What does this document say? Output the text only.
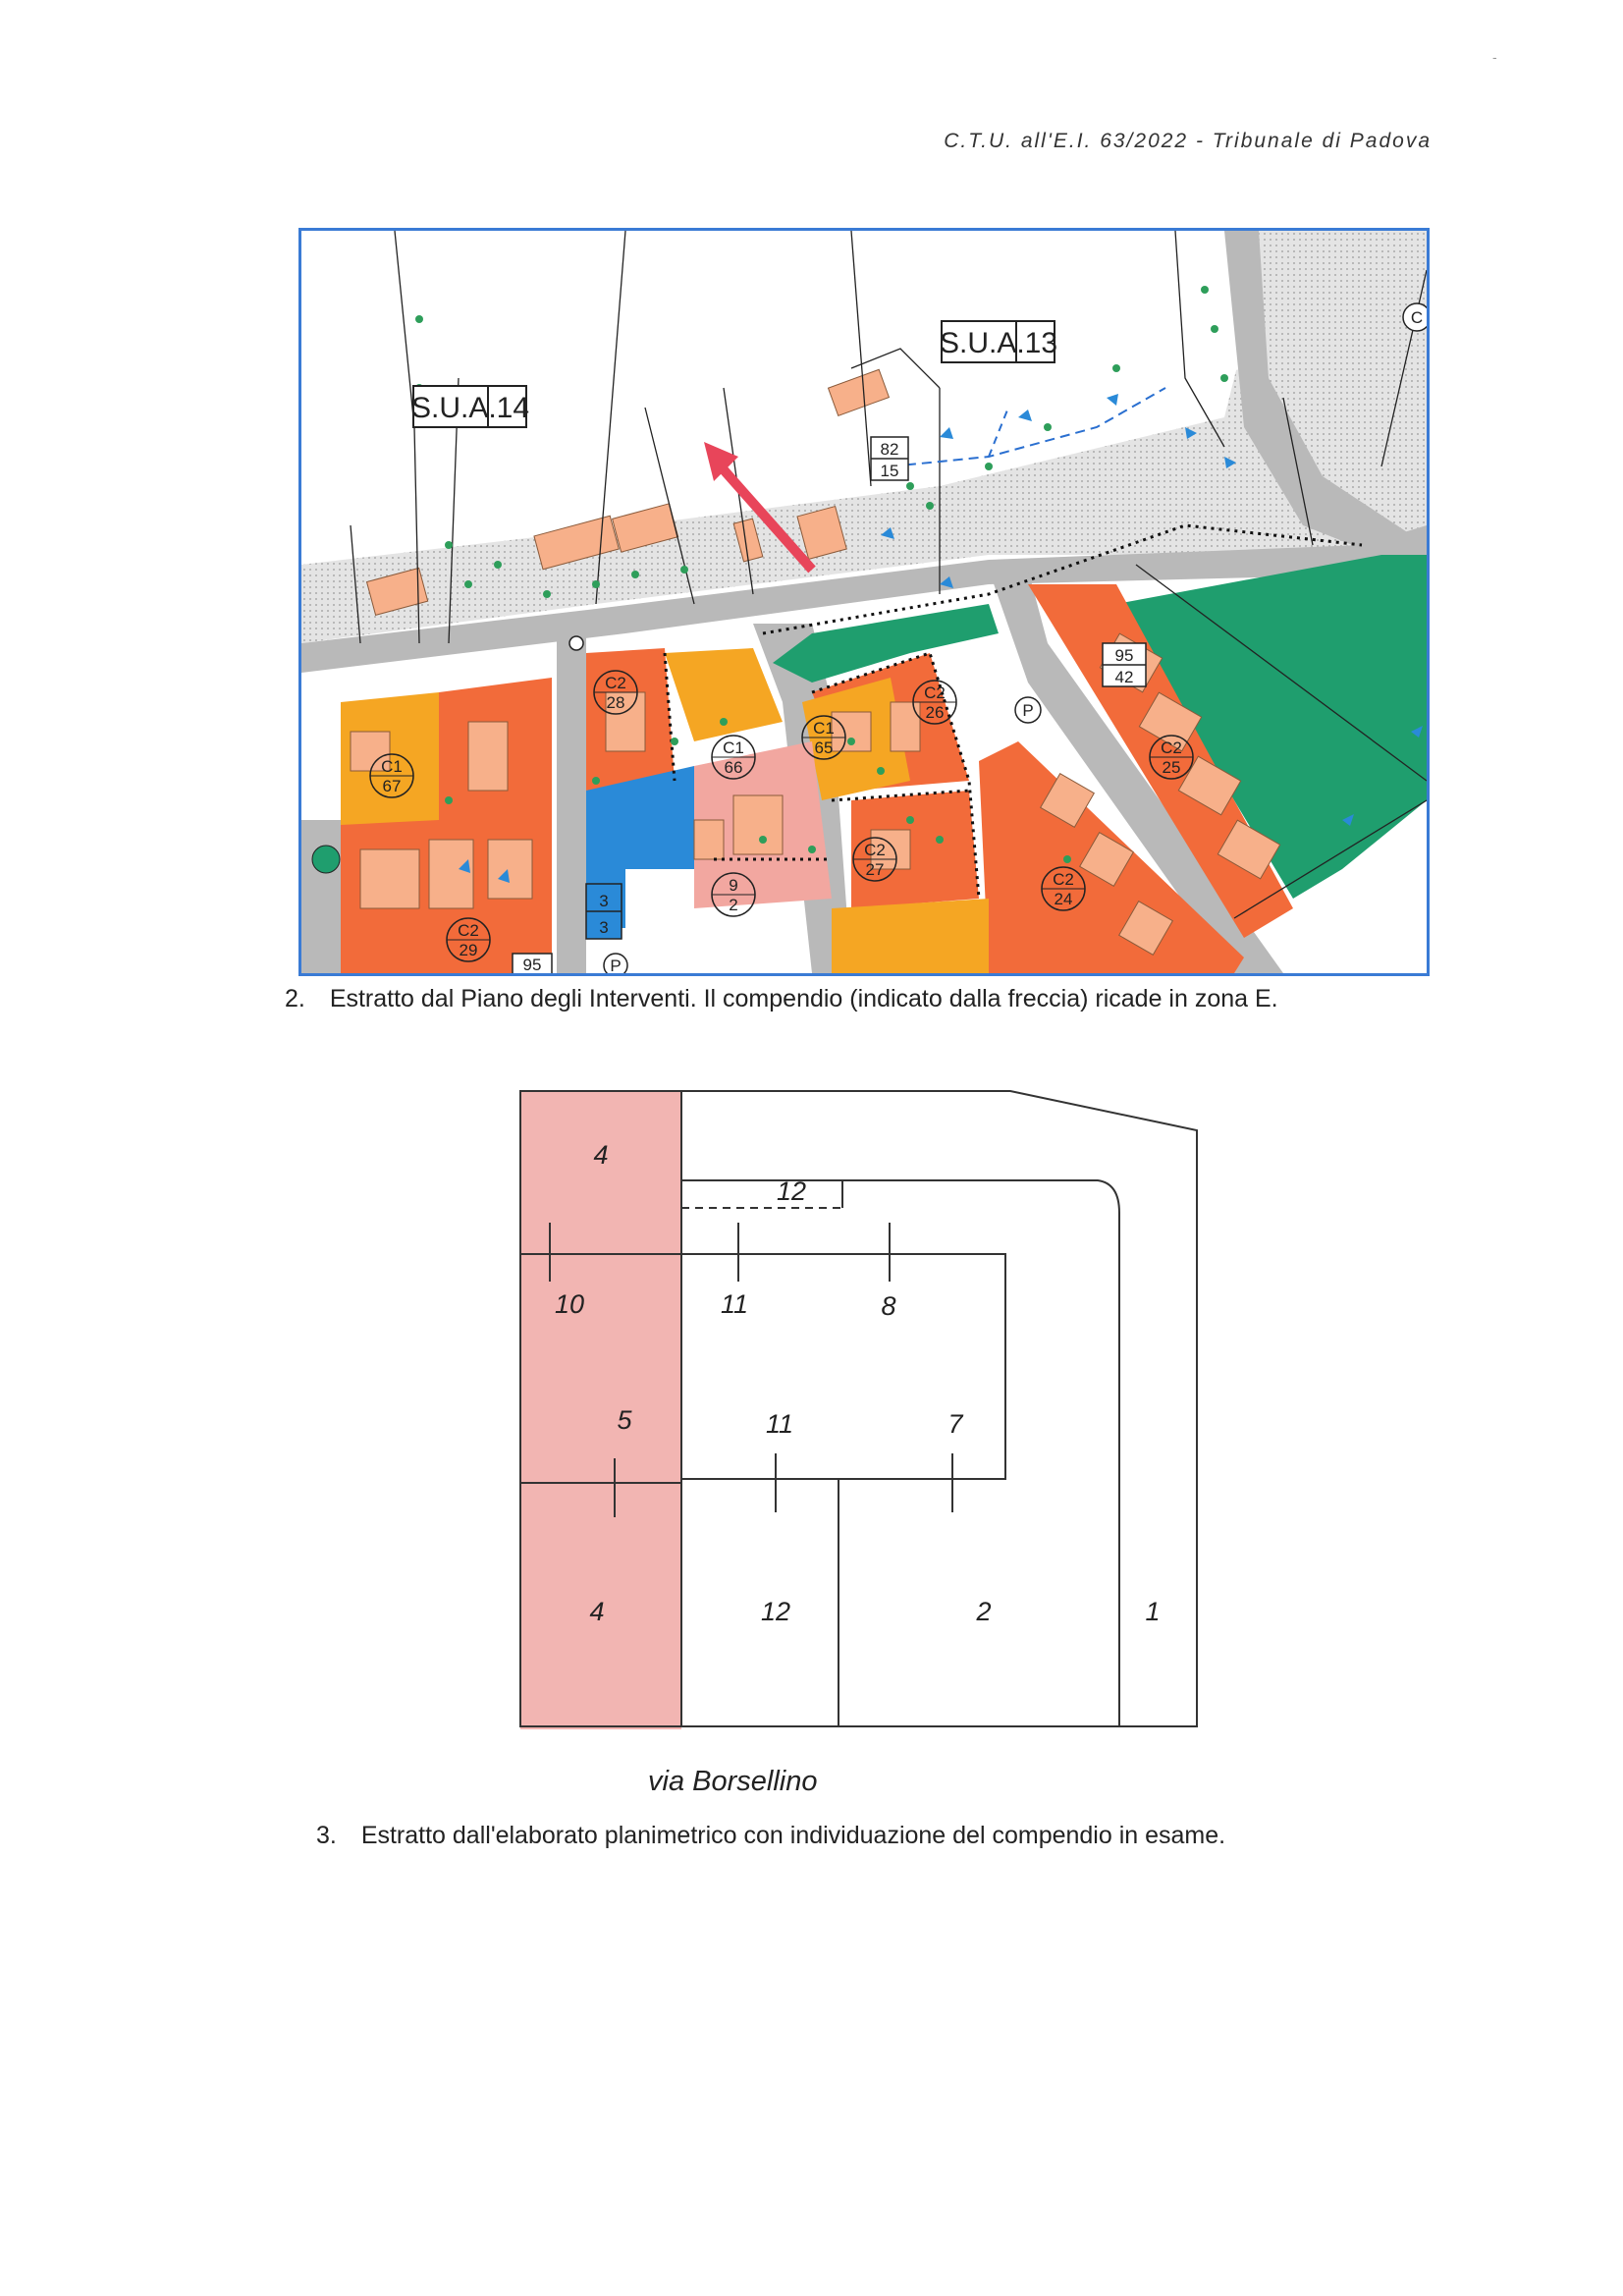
C.T.U. all'E.I. 63/2022 - Tribunale di Padova
S.U.A.14
S.U.A.13
82
15
95
42
3
3
95
C2
28
C1
67
C1
66
C1
65
C2
26
C2
25
C2
27
C2
24
9
2
C2
29
P
P
C
2. Estratto dal Piano degli Interventi. Il compendio (indicato dalla freccia) ricade in zona E.
4
12
10	11	8
5	11	7
4	12	2	1
via Borsellino
3. Estratto dall'elaborato planimetrico con individuazione del compendio in esame.
-
